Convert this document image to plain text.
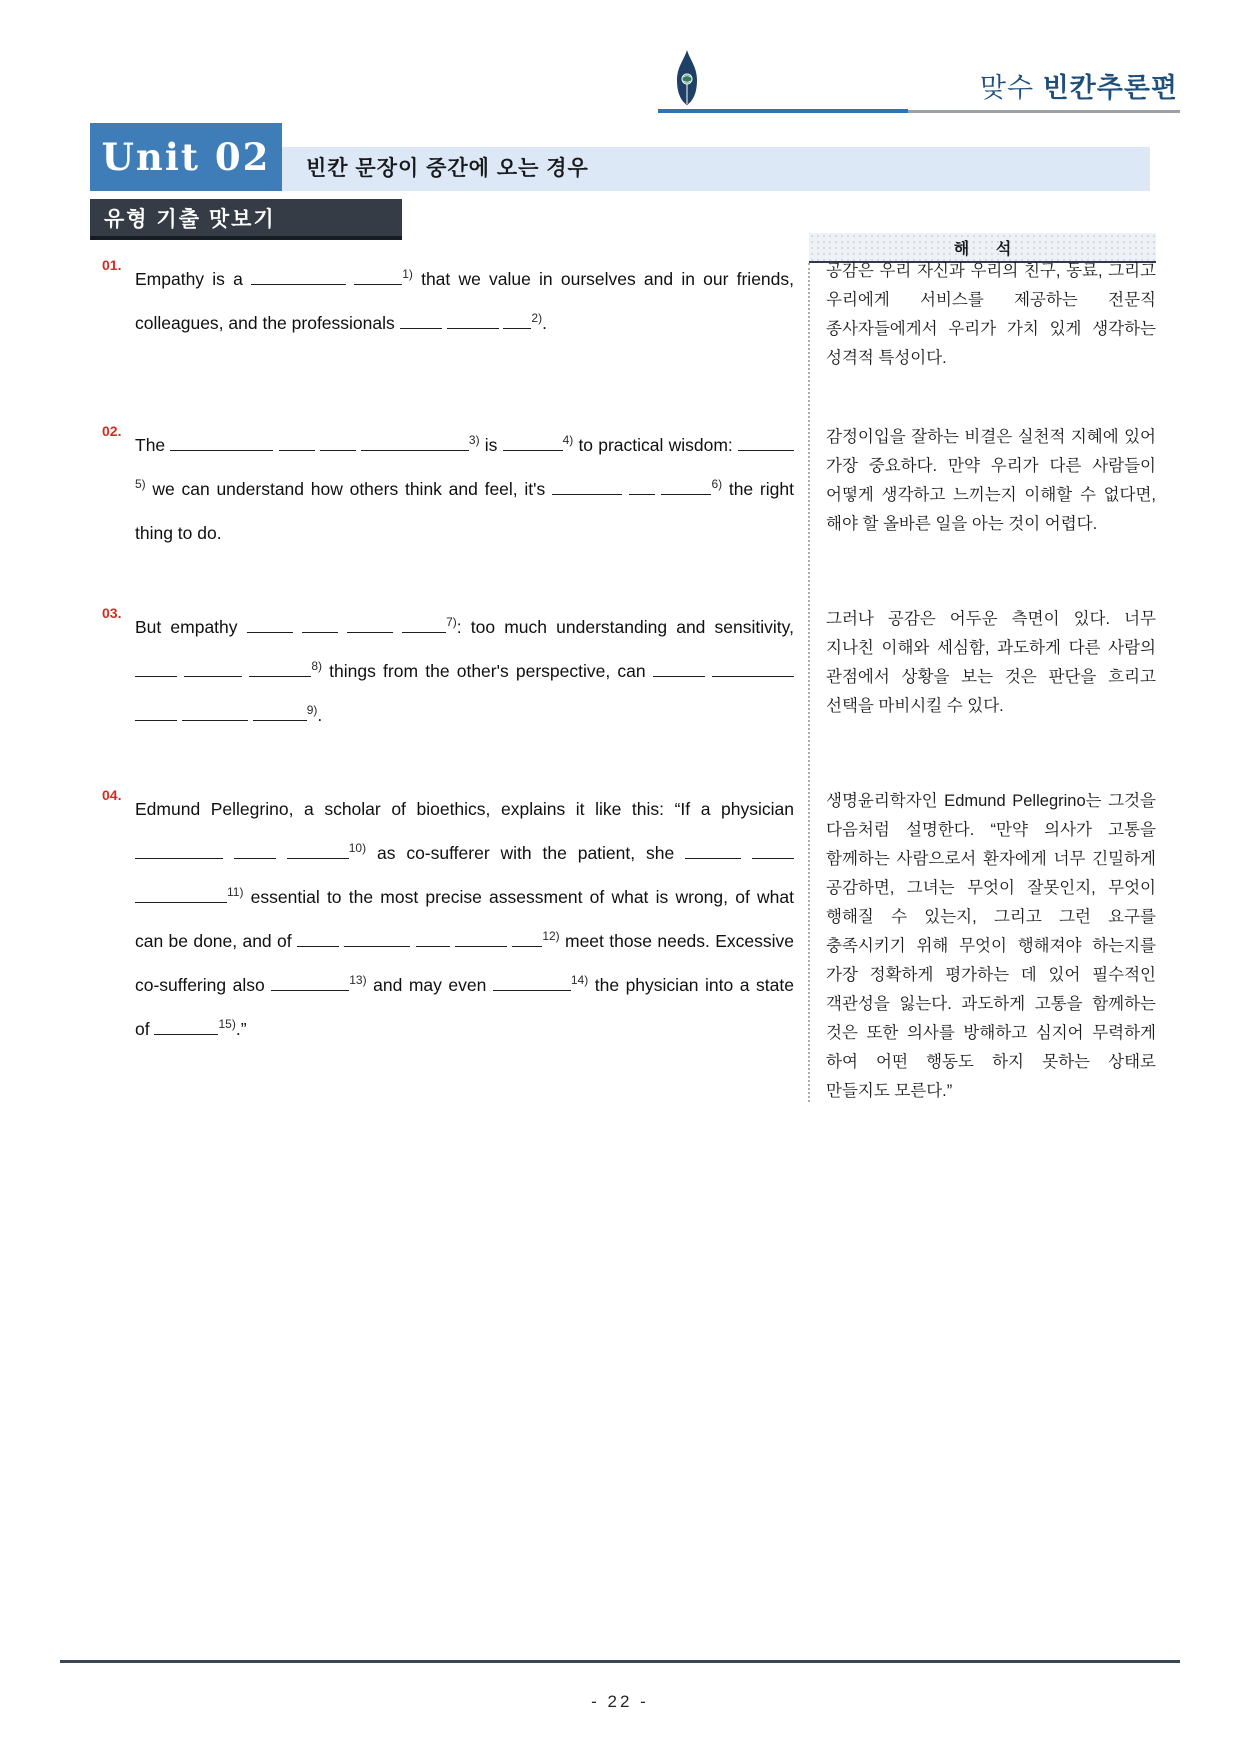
맞수 빈칸추론편
빈칸 문장이 중간에 오는 경우
Unit 02
유형 기출 맛보기
해      석
01.
Empathy is a	$^{1)}$ that we value in ourselves and in our friends, colleagues, and the professionals	$^{2)}$.
공감은 우리 자신과 우리의 친구, 동료, 그리고 우리에게 서비스를 제공하는 전문직 종사자들에게서 우리가 가치 있게 생각하는 성격적 특성이다.
02.
The	$^{3)}$ is	$^{4)}$ to practical wisdom: $^{5)}$ we can understand how others think and feel, it's	$^{6)}$ the right thing to do.
감정이입을 잘하는 비결은 실천적 지혜에 있어 가장 중요하다. 만약 우리가 다른 사람들이 어떻게 생각하고 느끼는지 이해할 수 없다면, 해야 할 올바른 일을 아는 것이 어렵다.
03.
But empathy	$^{7)}$: too much understanding and sensitivity,   $^{8)}$ things from the other's perspective, can     $^{9)}$.
그러나 공감은 어두운 측면이 있다. 너무 지나친 이해와 세심함, 과도하게 다른 사람의 관점에서 상황을 보는 것은 판단을 흐리고 선택을 마비시킬 수 있다.
04.
Edmund Pellegrino, a scholar of bioethics, explains it like this: “If a physician   $^{10)}$ as co-sufferer with the patient, she   $^{11)}$ essential to the most precise assessment of what is wrong, of what can be done, and of	$^{12)}$ meet those needs. Excessive co-suffering also	$^{13)}$ and may even	$^{14)}$ the physician into a state of	$^{15)}$.”
생명윤리학자인 Edmund Pellegrino는 그것을 다음처럼 설명한다. “만약 의사가 고통을 함께하는 사람으로서 환자에게 너무 긴밀하게 공감하면, 그녀는 무엇이 잘못인지, 무엇이 행해질 수 있는지, 그리고 그런 요구를 충족시키기 위해 무엇이 행해져야 하는지를 가장 정확하게 평가하는 데 있어 필수적인 객관성을 잃는다. 과도하게 고통을 함께하는 것은 또한 의사를 방해하고 심지어 무력하게 하여 어떤 행동도 하지 못하는 상태로 만들지도 모른다.”
- 22 -
